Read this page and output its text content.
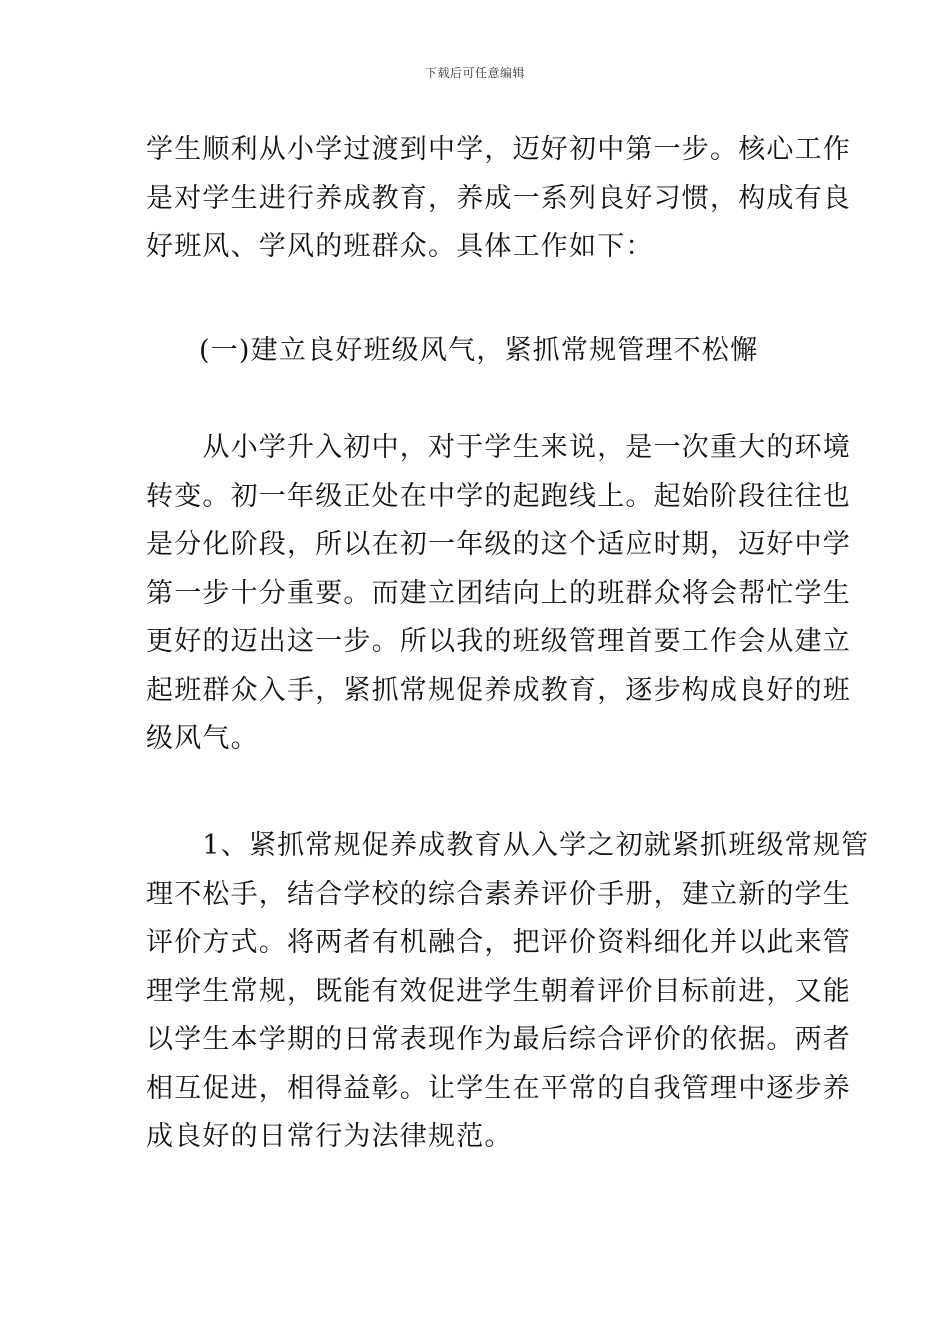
下载后可任意编辑
学生顺利从小学过渡到中学，迈好初中第一步。核心工作
是对学生进行养成教育，养成一系列良好习惯，构成有良
好班风、学风的班群众。具体工作如下：
(一)建立良好班级风气，紧抓常规管理不松懈
　　从小学升入初中，对于学生来说，是一次重大的环境
转变。初一年级正处在中学的起跑线上。起始阶段往往也
是分化阶段，所以在初一年级的这个适应时期，迈好中学
第一步十分重要。而建立团结向上的班群众将会帮忙学生
更好的迈出这一步。所以我的班级管理首要工作会从建立
起班群众入手，紧抓常规促养成教育，逐步构成良好的班
级风气。
　　1、紧抓常规促养成教育从入学之初就紧抓班级常规管
理不松手，结合学校的综合素养评价手册，建立新的学生
评价方式。将两者有机融合，把评价资料细化并以此来管
理学生常规，既能有效促进学生朝着评价目标前进，又能
以学生本学期的日常表现作为最后综合评价的依据。两者
相互促进，相得益彰。让学生在平常的自我管理中逐步养
成良好的日常行为法律规范。
